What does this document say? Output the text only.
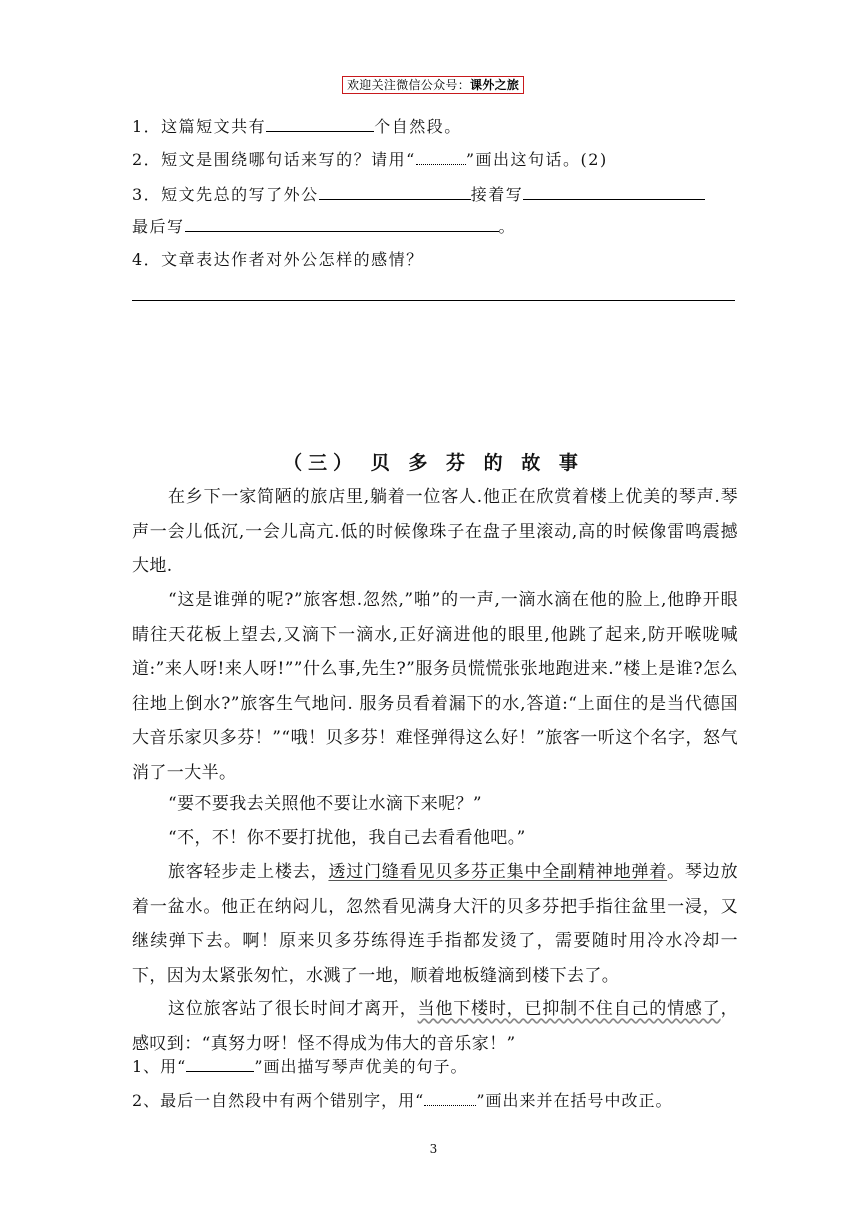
欢迎关注微信公众号：课外之旅
1．这篇短文共有	个自然段。
2．短文是围绕哪句话来写的？请用“	”画出这句话。(2)
3．短文先总的写了外公	接着写
最后写	。
4．文章表达作者对外公怎样的感情？
（三） 贝 多 芬 的 故 事
在乡下一家简陋的旅店里,躺着一位客人.他正在欣赏着楼上优美的琴声.琴声一会儿低沉,一会儿高亢.低的时候像珠子在盘子里滚动,高的时候像雷鸣震撼大地.
“这是谁弹的呢?”旅客想.忽然,”啪”的一声,一滴水滴在他的脸上,他睁开眼睛往天花板上望去,又滴下一滴水,正好滴进他的眼里,他跳了起来,防开喉咙喊道:”来人呀!来人呀!””什么事,先生?”服务员慌慌张张地跑进来.”楼上是谁?怎么往地上倒水?”旅客生气地问. 服务员看着漏下的水,答道:“上面住的是当代德国大音乐家贝多芬！”“哦！贝多芬！难怪弹得这么好！”旅客一听这个名字，怒气消了一大半。
“要不要我去关照他不要让水滴下来呢？”
“不，不！你不要打扰他，我自己去看看他吧。”
旅客轻步走上楼去，透过门缝看见贝多芬正集中全副精神地弹着。琴边放着一盆水。他正在纳闷儿，忽然看见满身大汗的贝多芬把手指往盆里一浸，又继续弹下去。啊！原来贝多芬练得连手指都发烫了，需要随时用冷水冷却一下，因为太紧张匆忙，水溅了一地，顺着地板缝滴到楼下去了。
这位旅客站了很长时间才离开，当他下楼时，已抑制不住自己的情感了，感叹到：“真努力呀！怪不得成为伟大的音乐家！”
1、用“	”画出描写琴声优美的句子。
2、最后一自然段中有两个错别字，用“	”画出来并在括号中改正。
3
